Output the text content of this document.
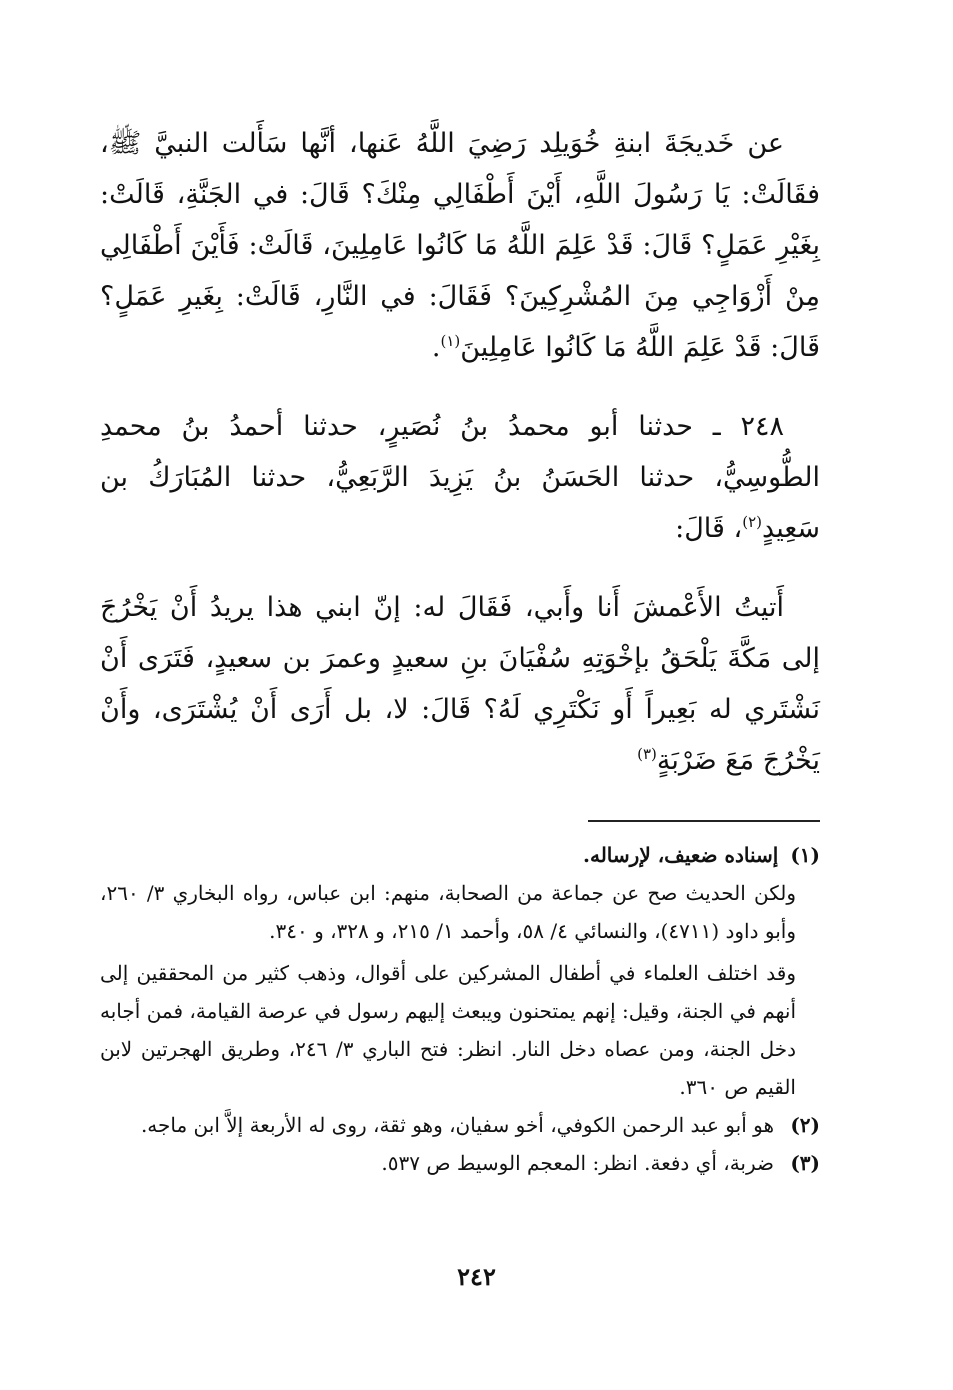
عن خَديجَةَ ابنةِ خُوَيلِد رَضِيَ اللَّهُ عَنها، أنَّها سَأَلت النبيَّ ﷺ، فقَالَتْ: يَا رَسُولَ اللَّهِ، أَيْنَ أَطْفَالِي مِنْكَ؟ قَالَ: في الجَنَّةِ، قَالَتْ: بِغَيْرِ عَمَلٍ؟ قَالَ: قَدْ عَلِمَ اللَّهُ مَا كَانُوا عَامِلِينَ، قَالَتْ: فَأَيْنَ أَطْفَالِي مِنْ أَزْوَاجِي مِنَ المُشْرِكِينَ؟ فَقَالَ: في النَّارِ، قَالَتْ: بِغَيرِ عَمَلٍ؟ قَالَ: قَدْ عَلِمَ اللَّهُ مَا كَانُوا عَامِلِينَ$^{(١)}$.

٢٤٨ ـ حدثنا أبو محمدُ بنُ نُصَيرٍ، حدثنا أحمدُ بنُ محمدِ الطُّوسِيُّ، حدثنا الحَسَنُ بنُ يَزِيدَ الرَّبَعِيُّ، حدثنا المُبَارَكُ بن سَعِيدٍ$^{(٢)}$، قَالَ:

أَتيتُ الأَعْمشَ أَنا وأَبي، فَقَالَ له: إنّ ابني هذا يريدُ أَنْ يَخْرُجَ إلى مَكَّةَ يَلْحَقُ بإخْوَتِهِ سُفْيَانَ بنِ سعيدٍ وعمرَ بن سعيدٍ، فَتَرَى أَنْ نَشْتَري له بَعِيراً أَو نَكْتَرِي لَهُ؟ قَالَ: لا، بل أَرَى أَنْ يُشْتَرَى، وأَنْ يَخْرُجَ مَعَ ضَرْبَةٍ$^{(٣)}$

(١)إسناده ضعيف، لإرساله.

ولكن الحديث صح عن جماعة من الصحابة، منهم: ابن عباس، رواه البخاري ٣/ ٢٦٠، وأبو داود (٤٧١١)، والنسائي ٤/ ٥٨، وأحمد ١/ ٢١٥، و ٣٢٨، و ٣٤٠.

وقد اختلف العلماء في أطفال المشركين على أقوال، وذهب كثير من المحققين إلى أنهم في الجنة، وقيل: إنهم يمتحنون ويبعث إليهم رسول في عرصة القيامة، فمن أجابه دخل الجنة، ومن عصاه دخل النار. انظر: فتح الباري ٣/ ٢٤٦، وطريق الهجرتين لابن القيم ص ٣٦٠.

(٢)هو أبو عبد الرحمن الكوفي، أخو سفيان، وهو ثقة، روى له الأربعة إلاَّ ابن ماجه.

(٣)ضربة، أي دفعة. انظر: المعجم الوسيط ص ٥٣٧.

٢٤٢
